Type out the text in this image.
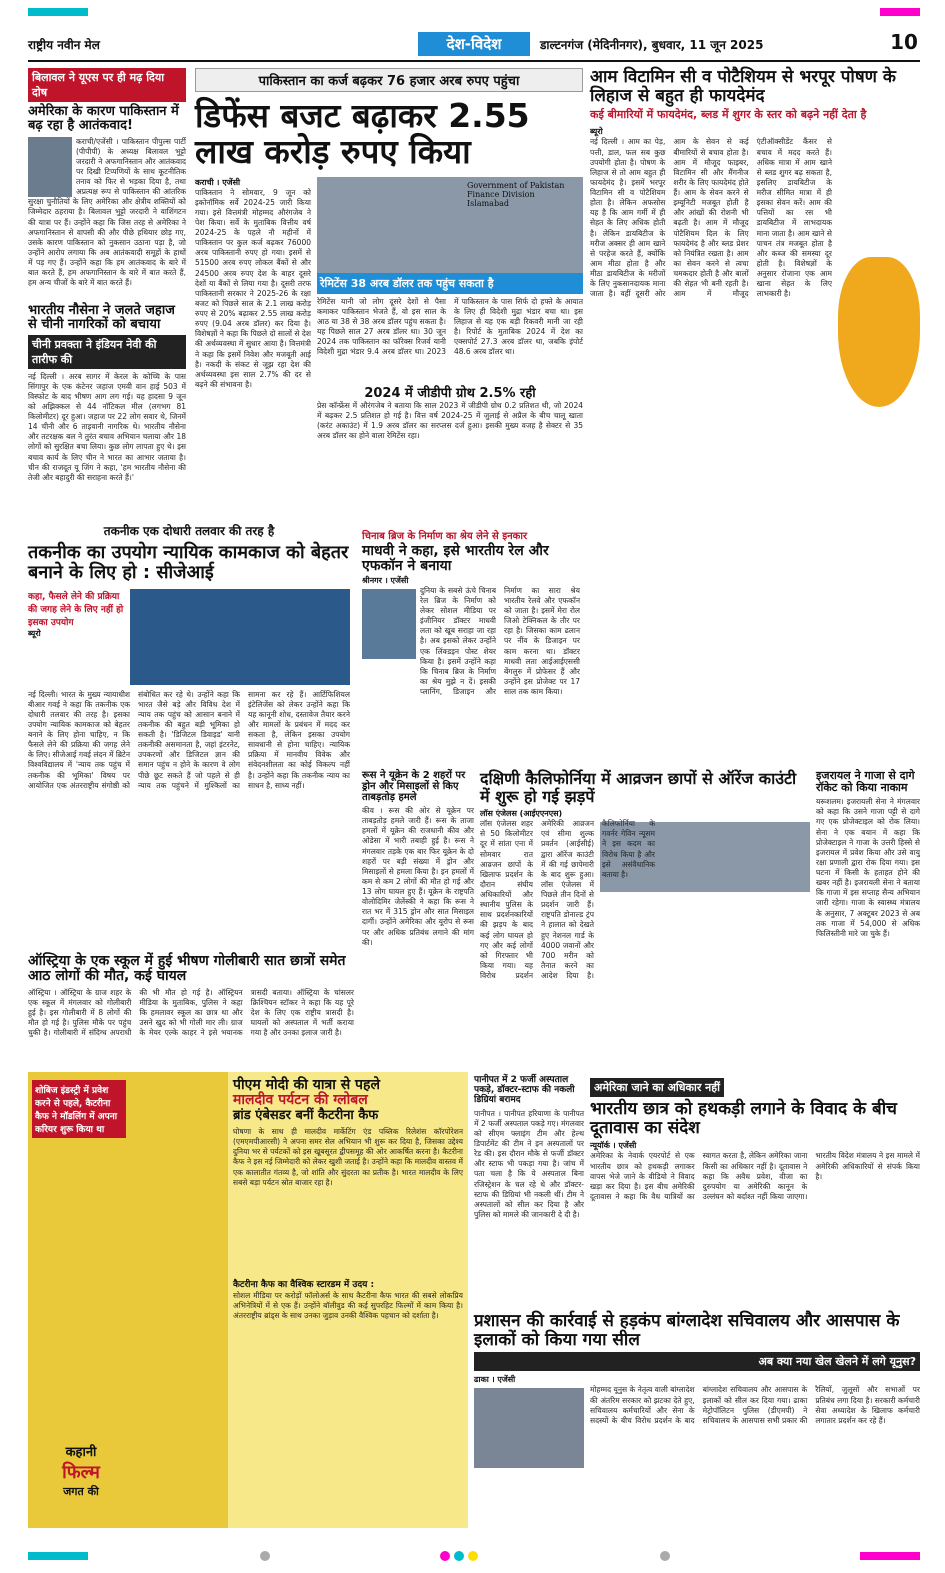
राष्ट्रीय नवीन मेल	देश-विदेश	डाल्टनगंज (मेदिनीनगर), बुधवार, 11 जून 2025	10
बिलावल ने यूएस पर ही मढ़ दिया दोष
अमेरिका के कारण पाकिस्तान में बढ़ रहा है आतंकवाद!
कराची/एजेंसी । पाकिस्तान पीपुल्स पार्टी (पीपीपी) के अध्यक्ष बिलावल भुट्टो जरदारी ने अफगानिस्तान और आतंकवाद पर दिखी टिप्पणियों के साथ कूटनीतिक तनाव को फिर से भड़का दिया है, तथा अप्रत्यक्ष रूप से पाकिस्तान की आंतरिक सुरक्षा चुनौतियों के लिए अमेरिका और क्षेत्रीय शक्तियों को जिम्मेदार ठहराया है। बिलावल भुट्टो जरदारी ने वाशिंगटन की यात्रा पर हैं। उन्होंने कहा कि जिस तरह से अमेरिका ने अफगानिस्तान से वापसी की और पीछे हथियार छोड़ गए, उसके कारण पाकिस्तान को नुकसान उठाना पड़ा है, जो उन्होंने आरोप लगाया कि अब आतंकवादी समूहों के हाथों में पड़ गए हैं। उन्होंने कहा कि हम आतंकवाद के बारे में बात करते हैं, हम अफगानिस्तान के बारे में बात करते हैं, हम अन्य चीजों के बारे में बात करते हैं।
भारतीय नौसेना ने जलते जहाज से चीनी नागरिकों को बचाया
चीनी प्रवक्ता ने इंडियन नेवी की तारीफ की
नई दिल्ली । अरब सागर में केरल के कोच्चि के पास सिंगापुर के एक कंटेनर जहाज एमवी वान हाई 503 में विस्फोट के बाद भीषण आग लग गई। यह हादसा 9 जून को अझिक्कल से 44 नॉटिकल मील (लगभग 81 किलोमीटर) दूर हुआ। जहाज पर 22 लोग सवार थे, जिनमें 14 चीनी और 6 ताइवानी नागरिक थे। भारतीय नौसेना और तटरक्षक बल ने तुरंत बचाव अभियान चलाया और 18 लोगों को सुरक्षित बचा लिया। कुछ लोग लापता हुए थे। इस बचाव कार्य के लिए चीन ने भारत का आभार जताया है। चीन की राजदूत यू जिंग ने कहा, 'हम भारतीय नौसेना की तेजी और बहादुरी की सराहना करते हैं।'
पाकिस्तान का कर्ज बढ़कर 76 हजार अरब रुपए पहुंचा
डिफेंस बजट बढ़ाकर 2.55 लाख करोड़ रुपए किया
कराची । एजेंसी
पाकिस्तान ने सोमवार, 9 जून को इकोनॉमिक सर्वे 2024-25 जारी किया गया। इसे वित्तमंत्री मोहम्मद औरंगजेब ने पेश किया। सर्वे के मुताबिक वित्तीय वर्ष 2024-25 के पहले नौ महीनों में पाकिस्तान पर कुल कर्ज बढ़कर 76000 अरब पाकिस्तानी रुपए हो गया। इसमें से 51500 अरब रुपए लोकल बैंकों से और 24500 अरब रुपए देश के बाहर दूसरे देशों या बैंकों से लिया गया है। दूसरी तरफ पाकिस्तानी सरकार ने 2025-26 के रक्षा बजट को पिछले साल के 2.1 लाख करोड़ रुपए से 20% बढ़ाकर 2.55 लाख करोड़ रुपए (9.04 अरब डॉलर) कर दिया है। विशेषज्ञों ने कहा कि पिछले दो सालों से देश की अर्थव्यवस्था में सुधार आया है। वित्तमंत्री ने कहा कि इसमें निवेश और मजबूती आई है। नकदी के संकट से जूझ रहा देश की अर्थव्यवस्था इस साल 2.7% की दर से बढ़ने की संभावना है।
Government of Pakistan Finance Division Islamabad
रेमिटेंस 38 अरब डॉलर तक पहुंच सकता है
रेमिटेंस यानी जो लोग दूसरे देशों से पैसा कमाकर पाकिस्तान भेजते हैं, वो इस साल के आठ या 38 से 38 अरब डॉलर पहुंच सकता है। यह पिछले साल 27 अरब डॉलर था। 30 जून 2024 तक पाकिस्तान का फॉरेक्स रिजर्व यानी विदेशी मुद्रा भंडार 9.4 अरब डॉलर था। 2023 में पाकिस्तान के पास सिर्फ दो हफ्ते के आयात के लिए ही विदेशी मुद्रा भंडार बचा था। इस लिहाज से यह एक बड़ी रिकवरी मानी जा रही है। रिपोर्ट के मुताबिक 2024 में देश का एक्सपोर्ट 27.3 अरब डॉलर था, जबकि इंपोर्ट 48.6 अरब डॉलर था।
2024 में जीडीपी ग्रोथ 2.5% रही
प्रेस कॉन्फ्रेंस में औरंगजेब ने बताया कि साल 2023 में जीडीपी ग्रोथ 0.2 प्रतिशत थी, जो 2024 में बढ़कर 2.5 प्रतिशत हो गई है। वित्त वर्ष 2024-25 में जुलाई से अप्रैल के बीच चालू खाता (करंट अकाउंट) में 1.9 अरब डॉलर का सरप्लस दर्ज हुआ। इसकी मुख्य वजह है सेक्टर से 35 अरब डॉलर का होने वाला रेमिटेंस रहा।
आम विटामिन सी व पोटैशियम से भरपूर पोषण के लिहाज से बहुत ही फायदेमंद
कई बीमारियों में फायदेमंद, ब्लड में शुगर के स्तर को बढ़ने नहीं देता है
ब्यूरो
नई दिल्ली । आम का पेड़, पत्ती, डाल, फल सब कुछ उपयोगी होता है। पोषण के लिहाज से तो आम बहुत ही फायदेमंद है। इसमें भरपूर विटामिन सी व पोटैशियम होता है। लेकिन अफसोस यह है कि आम गर्मी में ही सेहत के लिए अधिक होती है। लेकिन डायबिटीज के मरीज अक्सर ही आम खाने से परहेज करते हैं, क्योंकि आम मीठा होता है और मीठा डायबिटीज के मरीजों के लिए नुकसानदायक माना जाता है। वहीं दूसरी ओर आम के सेवन से कई बीमारियों से बचाव होता है। आम में मौजूद फाइबर, विटामिन सी और मैंगनीज शरीर के लिए फायदेमंद होते हैं। आम के सेवन करने से इम्यूनिटी मजबूत होती है और आंखों की रोशनी भी बढ़ती है। आम में मौजूद पोटैशियम दिल के लिए फायदेमंद है और ब्लड प्रेशर को नियंत्रित रखता है। आम का सेवन करने से त्वचा चमकदार होती है और बालों की सेहत भी बनी रहती है। आम में मौजूद एंटीऑक्सीडेंट कैंसर से बचाव में मदद करते हैं। अधिक मात्रा में आम खाने से ब्लड शुगर बढ़ सकता है, इसलिए डायबिटीज के मरीज सीमित मात्रा में ही इसका सेवन करें। आम की पत्तियों का रस भी डायबिटीज में लाभदायक माना जाता है। आम खाने से पाचन तंत्र मजबूत होता है और कब्ज की समस्या दूर होती है। विशेषज्ञों के अनुसार रोजाना एक आम खाना सेहत के लिए लाभकारी है।
तकनीक एक दोधारी तलवार की तरह है
तकनीक का उपयोग न्यायिक कामकाज को बेहतर बनाने के लिए हो : सीजेआई
कहा, फैसले लेने की प्रक्रिया की जगह लेने के लिए नहीं हो इसका उपयोग
ब्यूरो
नई दिल्ली। भारत के मुख्य न्यायाधीश बीआर गवई ने कहा कि तकनीक एक दोधारी तलवार की तरह है। इसका उपयोग न्यायिक कामकाज को बेहतर बनाने के लिए होना चाहिए, न कि फैसले लेने की प्रक्रिया की जगह लेने के लिए। सीजेआई गवई लंदन में ब्रिटेन विश्वविद्यालय में 'न्याय तक पहुंच में तकनीक की भूमिका' विषय पर आयोजित एक अंतरराष्ट्रीय संगोष्ठी को संबोधित कर रहे थे। उन्होंने कहा कि भारत जैसे बड़े और विविध देश में न्याय तक पहुंच को आसान बनाने में तकनीक की बहुत बड़ी भूमिका हो सकती है। 'डिजिटल डिवाइड' यानी तकनीकी असमानता है, जहां इंटरनेट, उपकरणों और डिजिटल ज्ञान की समान पहुंच न होने के कारण वे लोग पीछे छूट सकते हैं जो पहले से ही न्याय तक पहुंचने में मुश्किलों का सामना कर रहे हैं। आर्टिफिशियल इंटेलिजेंस को लेकर उन्होंने कहा कि यह कानूनी शोध, दस्तावेज तैयार करने और मामलों के प्रबंधन में मदद कर सकता है, लेकिन इसका उपयोग सावधानी से होना चाहिए। न्यायिक प्रक्रिया में मानवीय विवेक और संवेदनशीलता का कोई विकल्प नहीं है। उन्होंने कहा कि तकनीक न्याय का साधन है, साध्य नहीं।
चिनाब ब्रिज के निर्माण का श्रेय लेने से इनकार
माधवी ने कहा, इसे भारतीय रेल और एफकॉन ने बनाया
श्रीनगर । एजेंसी
दुनिया के सबसे ऊंचे चिनाब रेल ब्रिज के निर्माण को लेकर सोशल मीडिया पर इंजीनियर डॉक्टर माधवी लता को खूब सराहा जा रहा है। अब इसको लेकर उन्होंने एक लिंक्डइन पोस्ट शेयर किया है। इसमें उन्होंने कहा कि चिनाब ब्रिज के निर्माण का श्रेय मुझे न दें। इसकी प्लानिंग, डिजाइन और निर्माण का सारा श्रेय भारतीय रेलवे और एफकॉन को जाता है। इसमें मेरा रोल जिओ टेक्निकल के तौर पर रहा है। जिसका काम ढलान पर नींव के डिजाइन पर काम करना था। डॉक्टर माधवी लता आईआईएससी बेंगलुरु में प्रोफेसर हैं और उन्होंने इस प्रोजेक्ट पर 17 साल तक काम किया।
रूस ने यूक्रेन के 2 शहरों पर ड्रोन और मिसाइलों से किए ताबड़तोड़ हमले
कीव । रूस की ओर से यूक्रेन पर ताबड़तोड़ हमले जारी हैं। रूस के ताजा हमलों में यूक्रेन की राजधानी कीव और ओडेसा में भारी तबाही हुई है। रूस ने मंगलवार तड़के एक बार फिर यूक्रेन के दो शहरों पर बड़ी संख्या में ड्रोन और मिसाइलों से हमला किया है। इन हमलों में कम से कम 2 लोगों की मौत हो गई और 13 लोग घायल हुए हैं। यूक्रेन के राष्ट्रपति वोलोदिमिर जेलेंस्की ने कहा कि रूस ने रात भर में 315 ड्रोन और सात मिसाइल दागीं। उन्होंने अमेरिका और यूरोप से रूस पर और अधिक प्रतिबंध लगाने की मांग की।
दक्षिणी कैलिफोर्निया में आव्रजन छापों से ऑरेंज काउंटी में शुरू हो गई झड़पें
लॉस एंजेलस (आईएएनएस)
लॉस एंजेलस शहर से 50 किलोमीटर दूर में सांता एना में सोमवार रात आव्रजन छापों के खिलाफ प्रदर्शन के दौरान संघीय अधिकारियों और स्थानीय पुलिस के साथ प्रदर्शनकारियों की झड़प के बाद कई लोग घायल हो गए और कई लोगों को गिरफ्तार भी किया गया। यह विरोध प्रदर्शन अमेरिकी आव्रजन एवं सीमा शुल्क प्रवर्तन (आईसीई) द्वारा ऑरेंज काउंटी में की गई छापेमारी के बाद शुरू हुआ। लॉस एंजेलस में पिछले तीन दिनों से प्रदर्शन जारी हैं। राष्ट्रपति डोनाल्ड ट्रंप ने हालात को देखते हुए नेशनल गार्ड के 4000 जवानों और 700 मरीन को तैनात करने का आदेश दिया है।
इजरायल ने गाजा से दागे रॉकेट को किया नाकाम
यरूशलम। इजरायली सेना ने मंगलवार को कहा कि उसने गाजा पट्टी से दागे गए एक प्रोजेक्टाइल को रोक लिया। सेना ने एक बयान में कहा कि प्रोजेक्टाइल ने गाजा के उत्तरी हिस्से से इजरायल में प्रवेश किया और उसे वायु रक्षा प्रणाली द्वारा रोक दिया गया। इस घटना में किसी के हताहत होने की खबर नहीं है। इजरायली सेना ने बताया कि गाजा में इस सप्ताह सैन्य अभियान जारी रहेगा। गाजा के स्वास्थ्य मंत्रालय के अनुसार, 7 अक्टूबर 2023 से अब तक गाजा में 54,000 से अधिक फिलिस्तीनी मारे जा चुके हैं।
ऑस्ट्रिया के एक स्कूल में हुई भीषण गोलीबारी सात छात्रों समेत आठ लोगों की मौत, कई घायल
ऑस्ट्रिया । ऑस्ट्रिया के ग्राज शहर के एक स्कूल में मंगलवार को गोलीबारी हुई है। इस गोलीबारी में 8 लोगों की मौत हो गई है। पुलिस मौके पर पहुंच चुकी है। गोलीबारी में संदिग्ध अपराधी की भी मौत हो गई है। ऑस्ट्रियन मीडिया के मुताबिक, पुलिस ने कहा कि हमलावर स्कूल का छात्र था और उसने खुद को भी गोली मार ली। ग्राज के मेयर एल्के काहर ने इसे भयानक त्रासदी बताया। ऑस्ट्रिया के चांसलर क्रिश्चियन स्टॉकर ने कहा कि यह पूरे देश के लिए एक राष्ट्रीय त्रासदी है। घायलों को अस्पताल में भर्ती कराया गया है और उनका इलाज जारी है।
शोबिज इंडस्ट्री में प्रवेश करने से पहले, कैटरीना कैफ ने मॉडलिंग में अपना करियर शुरू किया था
पीएम मोदी की यात्रा से पहले
मालदीव पर्यटन की ग्लोबल
ब्रांड एंबेसडर बनीं कैटरीना कैफ
घोषणा के साथ ही मालदीव मार्केटिंग एंड पब्लिक रिलेशंस कॉरपोरेशन (एमएमपीआरसी) ने अपना समर सेल अभियान भी शुरू कर दिया है, जिसका उद्देश्य दुनिया भर से पर्यटकों को इस खूबसूरत द्वीपसमूह की ओर आकर्षित करना है। कैटरीना कैफ ने इस नई जिम्मेदारी को लेकर खुशी जताई है। उन्होंने कहा कि मालदीव वास्तव में एक कालातीत गंतव्य है, जो शांति और सुंदरता का प्रतीक है। भारत मालदीव के लिए सबसे बड़ा पर्यटन स्रोत बाजार रहा है।
कैटरीना कैफ का वैश्विक स्टारडम में उदय :
सोशल मीडिया पर करोड़ों फॉलोअर्स के साथ कैटरीना कैफ भारत की सबसे लोकप्रिय अभिनेत्रियों में से एक हैं। उन्होंने बॉलीवुड की कई सुपरहिट फिल्मों में काम किया है। अंतरराष्ट्रीय ब्रांड्स के साथ उनका जुड़ाव उनकी वैश्विक पहचान को दर्शाता है।
कहानी
फिल्म
जगत की
पानीपत में 2 फर्जी अस्पताल पकड़े, डॉक्टर-स्टाफ की नकली डिग्रियां बरामद
पानीपत । पानीपत हरियाणा के पानीपत में 2 फर्जी अस्पताल पकड़े गए। मंगलवार को सीएम फ्लाइंग टीम और हेल्थ डिपार्टमेंट की टीम ने इन अस्पतालों पर रेड की। इस दौरान मौके से फर्जी डॉक्टर और स्टाफ भी पकड़ा गया है। जांच में पता चला है कि ये अस्पताल बिना रजिस्ट्रेशन के चल रहे थे और डॉक्टर-स्टाफ की डिग्रियां भी नकली थीं। टीम ने अस्पतालों को सील कर दिया है और पुलिस को मामले की जानकारी दे दी है।
अमेरिका जाने का अधिकार नहीं
भारतीय छात्र को हथकड़ी लगाने के विवाद के बीच दूतावास का संदेश
न्यूयॉर्क । एजेंसी
अमेरिका के नेवार्क एयरपोर्ट से एक भारतीय छात्र को हथकड़ी लगाकर वापस भेजे जाने के वीडियो ने विवाद खड़ा कर दिया है। इस बीच अमेरिकी दूतावास ने कहा कि वैध यात्रियों का स्वागत करता है, लेकिन अमेरिका जाना किसी का अधिकार नहीं है। दूतावास ने कहा कि अवैध प्रवेश, वीजा का दुरुपयोग या अमेरिकी कानून के उल्लंघन को बर्दाश्त नहीं किया जाएगा। भारतीय विदेश मंत्रालय ने इस मामले में अमेरिकी अधिकारियों से संपर्क किया है।
प्रशासन की कार्रवाई से हड़कंप बांग्लादेश सचिवालय और आसपास के इलाकों को किया गया सील
अब क्या नया खेल खेलने में लगे यूनुस?
ढाका । एजेंसी
मोहम्मद यूनुस के नेतृत्व वाली बांग्लादेश की अंतरिम सरकार को झटका देते हुए, सचिवालय कर्मचारियों और सेना के सदस्यों के बीच विरोध प्रदर्शन के बाद बांग्लादेश सचिवालय और आसपास के इलाकों को सील कर दिया गया। ढाका मेट्रोपॉलिटन पुलिस (डीएमपी) ने सचिवालय के आसपास सभी प्रकार की रैलियों, जुलूसों और सभाओं पर प्रतिबंध लगा दिया है। सरकारी कर्मचारी सेवा अध्यादेश के खिलाफ कर्मचारी लगातार प्रदर्शन कर रहे हैं।
